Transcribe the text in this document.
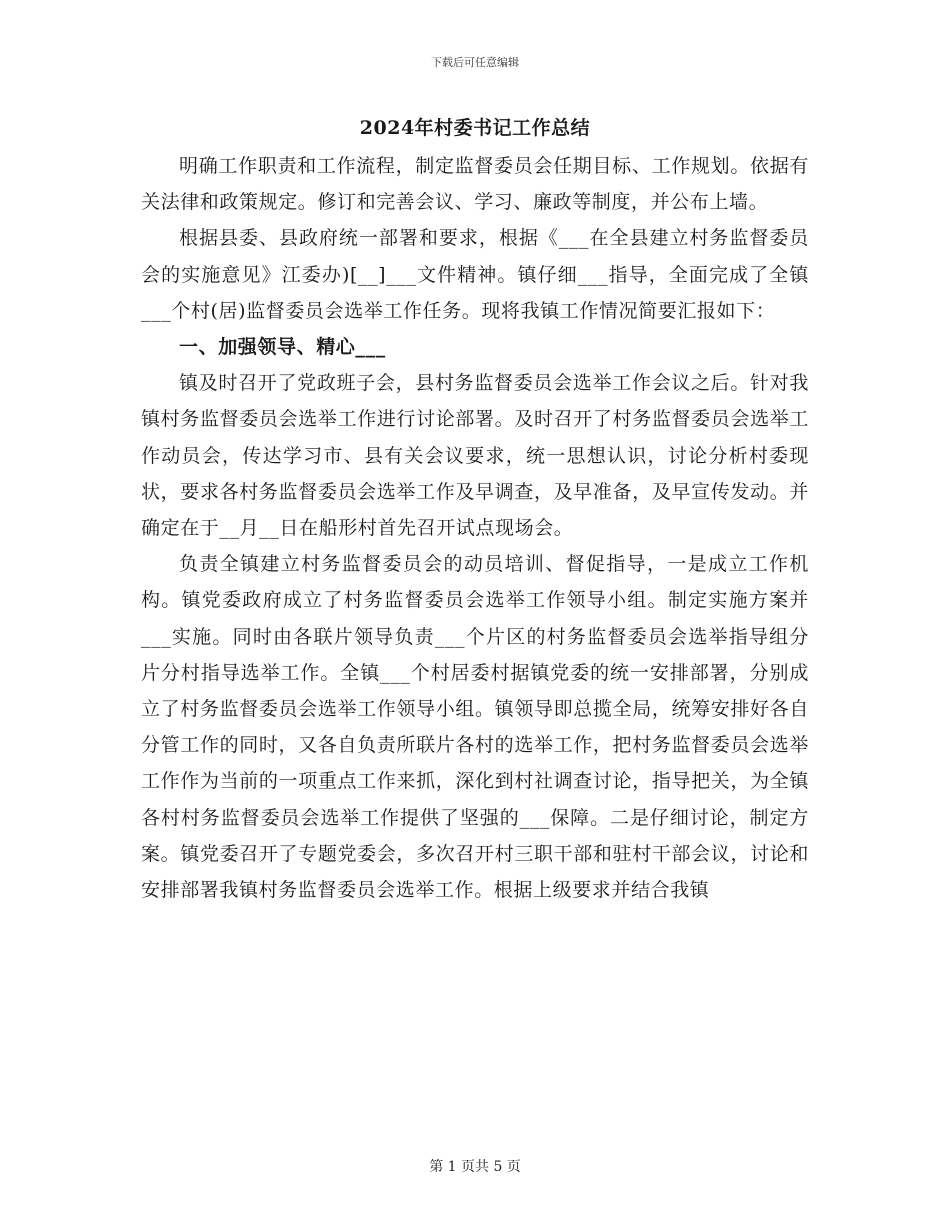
下载后可任意编辑
2024年村委书记工作总结

明确工作职责和工作流程，制定监督委员会任期目标、工作规划。依据有关法律和政策规定。修订和完善会议、学习、廉政等制度，并公布上墙。

根据县委、县政府统一部署和要求，根据《___在全县建立村务监督委员会的实施意见》江委办)[__]___文件精神。镇仔细___指导，全面完成了全镇___个村(居)监督委员会选举工作任务。现将我镇工作情况简要汇报如下：

一、加强领导、精心___

镇及时召开了党政班子会，县村务监督委员会选举工作会议之后。针对我镇村务监督委员会选举工作进行讨论部署。及时召开了村务监督委员会选举工作动员会，传达学习市、县有关会议要求，统一思想认识，讨论分析村委现状，要求各村务监督委员会选举工作及早调查，及早准备，及早宣传发动。并确定在于__月__日在船形村首先召开试点现场会。

负责全镇建立村务监督委员会的动员培训、督促指导，一是成立工作机构。镇党委政府成立了村务监督委员会选举工作领导小组。制定实施方案并___实施。同时由各联片领导负责___个片区的村务监督委员会选举指导组分片分村指导选举工作。全镇___个村居委村据镇党委的统一安排部署，分别成立了村务监督委员会选举工作领导小组。镇领导即总揽全局，统筹安排好各自分管工作的同时，又各自负责所联片各村的选举工作，把村务监督委员会选举工作作为当前的一项重点工作来抓，深化到村社调查讨论，指导把关，为全镇各村村务监督委员会选举工作提供了坚强的___保障。二是仔细讨论，制定方案。镇党委召开了专题党委会，多次召开村三职干部和驻村干部会议，讨论和安排部署我镇村务监督委员会选举工作。根据上级要求并结合我镇

第 1 页共 5 页
